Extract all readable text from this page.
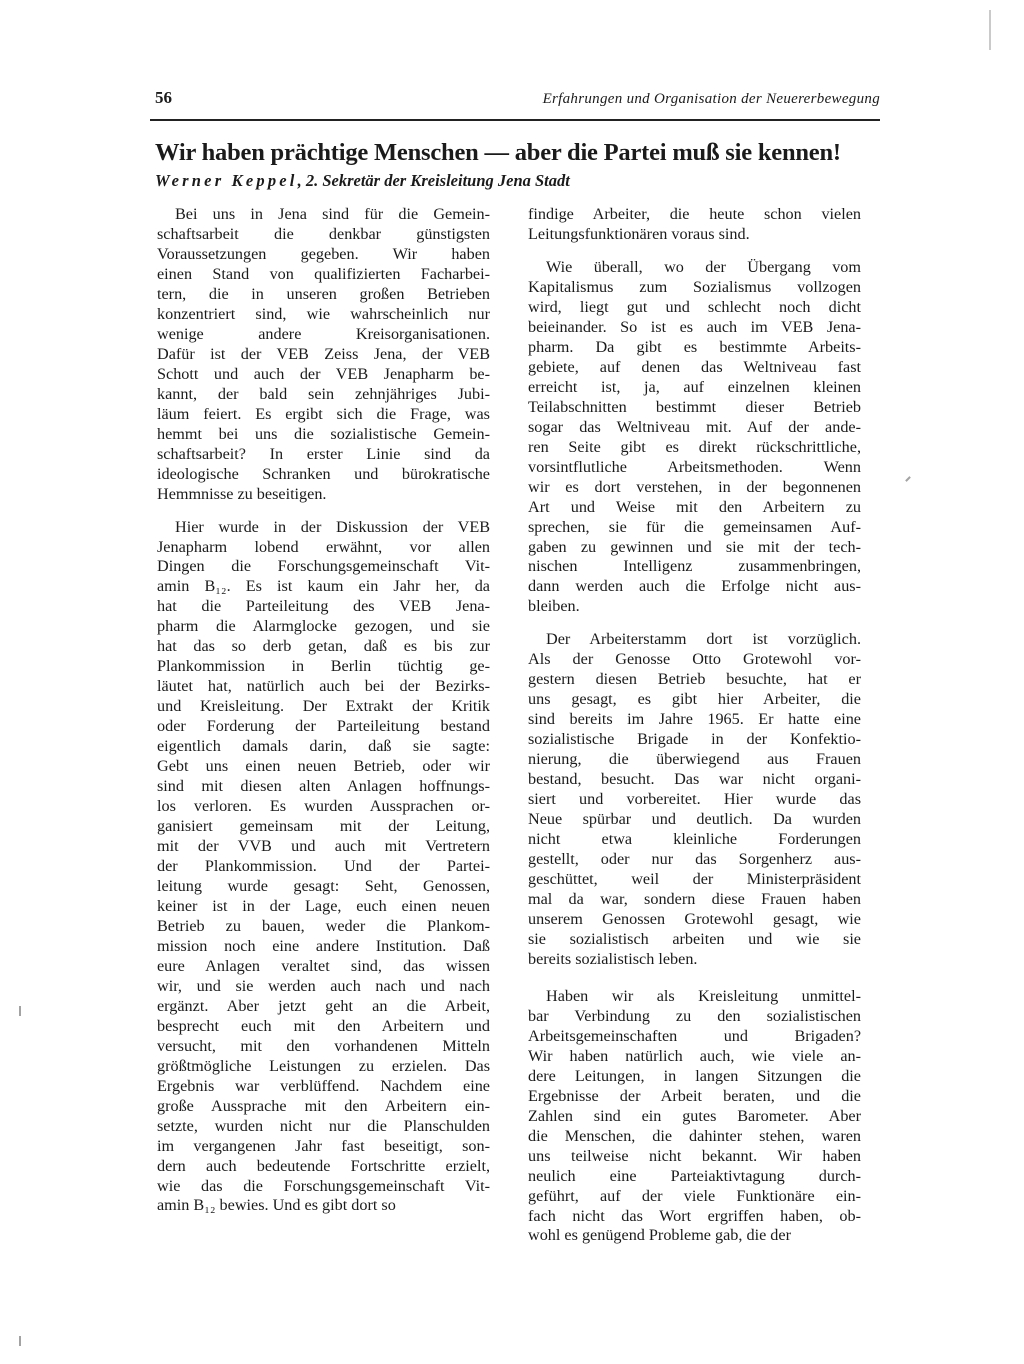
56	Erfahrungen und Organisation der Neuererbewegung
Wir haben prächtige Menschen — aber die Partei muß sie kennen!
Werner Keppel, 2. Sekretär der Kreisleitung Jena Stadt
Bei uns in Jena sind für die Gemein-
schaftsarbeit die denkbar günstigsten
Voraussetzungen gegeben. Wir haben
einen Stand von qualifizierten Facharbei-
tern, die in unseren großen Betrieben
konzentriert sind, wie wahrscheinlich nur
wenige andere Kreisorganisationen.
Dafür ist der VEB Zeiss Jena, der VEB
Schott und auch der VEB Jenapharm be-
kannt, der bald sein zehnjähriges Jubi-
läum feiert. Es ergibt sich die Frage, was
hemmt bei uns die sozialistische Gemein-
schaftsarbeit? In erster Linie sind da
ideologische Schranken und bürokratische
Hemmnisse zu beseitigen.
Hier wurde in der Diskussion der VEB
Jenapharm lobend erwähnt, vor allen
Dingen die Forschungsgemeinschaft Vit-
amin B₁₂. Es ist kaum ein Jahr her, da
hat die Parteileitung des VEB Jena-
pharm die Alarmglocke gezogen, und sie
hat das so derb getan, daß es bis zur
Plankommission in Berlin tüchtig ge-
läutet hat, natürlich auch bei der Bezirks-
und Kreisleitung. Der Extrakt der Kritik
oder Forderung der Parteileitung bestand
eigentlich damals darin, daß sie sagte:
Gebt uns einen neuen Betrieb, oder wir
sind mit diesen alten Anlagen hoffnungs-
los verloren. Es wurden Aussprachen or-
ganisiert gemeinsam mit der Leitung,
mit der VVB und auch mit Vertretern
der Plankommission. Und der Partei-
leitung wurde gesagt: Seht, Genossen,
keiner ist in der Lage, euch einen neuen
Betrieb zu bauen, weder die Plankom-
mission noch eine andere Institution. Daß
eure Anlagen veraltet sind, das wissen
wir, und sie werden auch nach und nach
ergänzt. Aber jetzt geht an die Arbeit,
besprecht euch mit den Arbeitern und
versucht, mit den vorhandenen Mitteln
größtmögliche Leistungen zu erzielen. Das
Ergebnis war verblüffend. Nachdem eine
große Aussprache mit den Arbeitern ein-
setzte, wurden nicht nur die Planschulden
im vergangenen Jahr fast beseitigt, son-
dern auch bedeutende Fortschritte erzielt,
wie das die Forschungsgemeinschaft Vit-
amin B₁₂ bewies. Und es gibt dort so
findige Arbeiter, die heute schon vielen
Leitungsfunktionären voraus sind.
Wie überall, wo der Übergang vom
Kapitalismus zum Sozialismus vollzogen
wird, liegt gut und schlecht noch dicht
beieinander. So ist es auch im VEB Jena-
pharm. Da gibt es bestimmte Arbeits-
gebiete, auf denen das Weltniveau fast
erreicht ist, ja, auf einzelnen kleinen
Teilabschnitten bestimmt dieser Betrieb
sogar das Weltniveau mit. Auf der ande-
ren Seite gibt es direkt rückschrittliche,
vorsintflutliche Arbeitsmethoden. Wenn
wir es dort verstehen, in der begonnenen
Art und Weise mit den Arbeitern zu
sprechen, sie für die gemeinsamen Auf-
gaben zu gewinnen und sie mit der tech-
nischen Intelligenz zusammenbringen,
dann werden auch die Erfolge nicht aus-
bleiben.
Der Arbeiterstamm dort ist vorzüglich.
Als der Genosse Otto Grotewohl vor-
gestern diesen Betrieb besuchte, hat er
uns gesagt, es gibt hier Arbeiter, die
sind bereits im Jahre 1965. Er hatte eine
sozialistische Brigade in der Konfektio-
nierung, die überwiegend aus Frauen
bestand, besucht. Das war nicht organi-
siert und vorbereitet. Hier wurde das
Neue spürbar und deutlich. Da wurden
nicht etwa kleinliche Forderungen
gestellt, oder nur das Sorgenherz aus-
geschüttet, weil der Ministerpräsident
mal da war, sondern diese Frauen haben
unserem Genossen Grotewohl gesagt, wie
sie sozialistisch arbeiten und wie sie
bereits sozialistisch leben.
Haben wir als Kreisleitung unmittel-
bar Verbindung zu den sozialistischen
Arbeitsgemeinschaften und Brigaden?
Wir haben natürlich auch, wie viele an-
dere Leitungen, in langen Sitzungen die
Ergebnisse der Arbeit beraten, und die
Zahlen sind ein gutes Barometer. Aber
die Menschen, die dahinter stehen, waren
uns teilweise nicht bekannt. Wir haben
neulich eine Parteiaktivtagung durch-
geführt, auf der viele Funktionäre ein-
fach nicht das Wort ergriffen haben, ob-
wohl es genügend Probleme gab, die der
